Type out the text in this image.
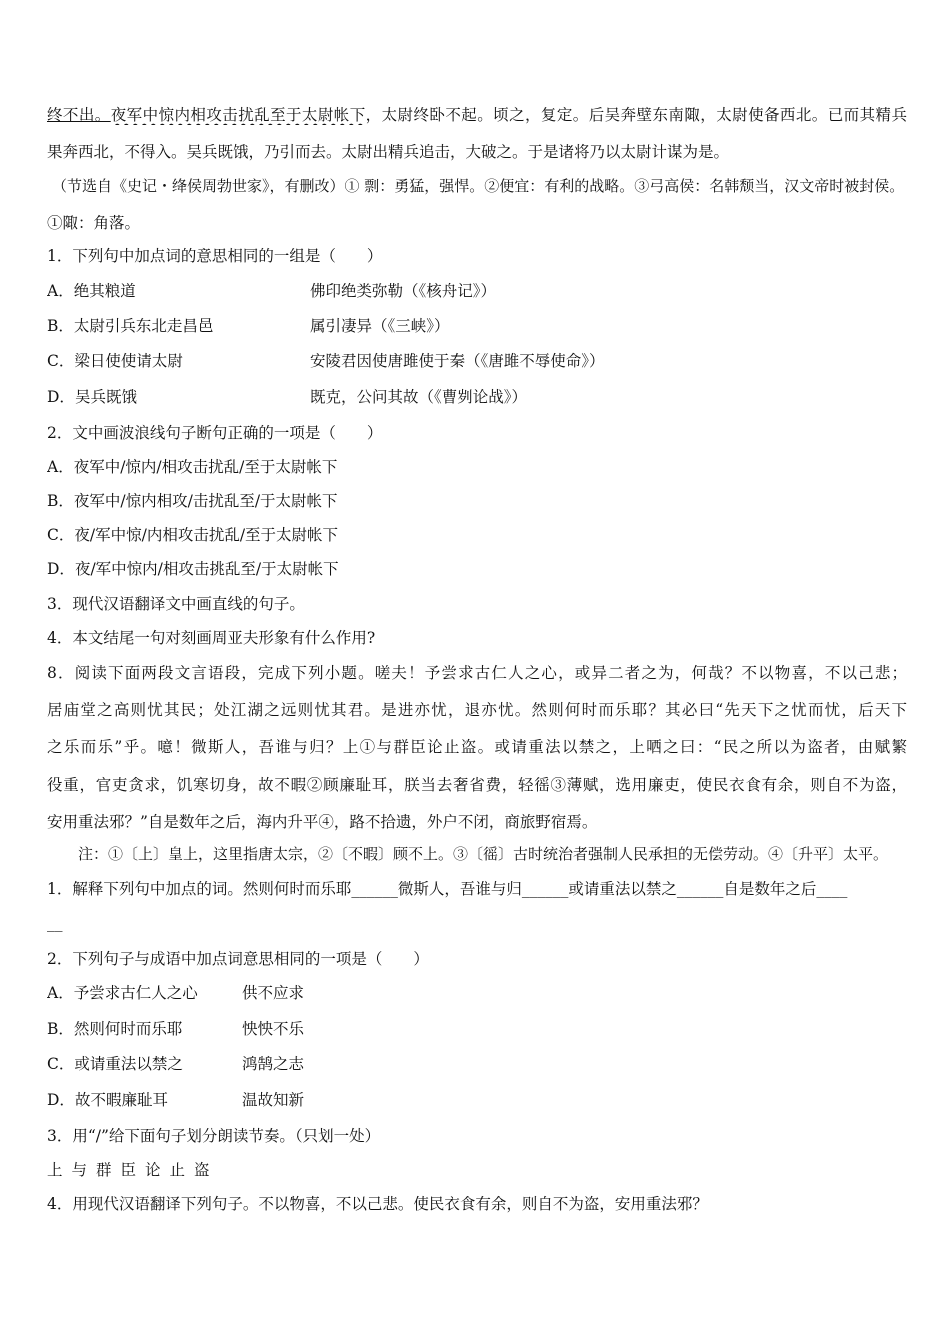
终不出。夜军中惊内相攻击扰乱至于太尉帐下，太尉终卧不起。顷之，复定。后吴奔壁东南陬，太尉使备西北。已而其精兵
果奔西北，不得入。吴兵既饿，乃引而去。太尉出精兵追击，大破之。于是诸将乃以太尉计谋为是。
（节选自《史记・绛侯周勃世家》，有删改）① 剽：勇猛，强悍。②便宜：有利的战略。③弓高侯：名韩颓当，汉文帝时被封侯。
①陬：角落。
1．下列句中加点词的意思相同的一组是（　　）
A．绝其粮道	佛印绝类弥勒（《核舟记》）
B．太尉引兵东北走昌邑	属引凄异（《三峡》）
C．梁日使使请太尉	安陵君因使唐雎使于秦（《唐雎不辱使命》）
D．吴兵既饿	既克，公问其故（《曹刿论战》）
2．文中画波浪线句子断句正确的一项是（　　）
A．夜军中/惊内/相攻击扰乱/至于太尉帐下
B．夜军中/惊内相攻/击扰乱至/于太尉帐下
C．夜/军中惊/内相攻击扰乱/至于太尉帐下
D．夜/军中惊内/相攻击挑乱至/于太尉帐下
3．现代汉语翻译文中画直线的句子。
4．本文结尾一句对刻画周亚夫形象有什么作用?
8．阅读下面两段文言语段，完成下列小题。嗟夫！予尝求古仁人之心，或异二者之为，何哉？不以物喜，不以己悲；
居庙堂之高则忧其民；处江湖之远则忧其君。是进亦忧，退亦忧。然则何时而乐耶？其必曰“先天下之忧而忧，后天下
之乐而乐”乎。噫！微斯人，吾谁与归？上①与群臣论止盗。或请重法以禁之，上哂之曰：“民之所以为盗者，由赋繁
役重，官吏贪求，饥寒切身，故不暇②顾廉耻耳，朕当去奢省费，轻徭③薄赋，选用廉吏，使民衣食有余，则自不为盗，
安用重法邪？”自是数年之后，海内升平④，路不拾遗，外户不闭，商旅野宿焉。
注：①〔上〕皇上，这里指唐太宗，②〔不暇〕顾不上。③〔徭〕古时统治者强制人民承担的无偿劳动。④〔升平〕太平。
1．解释下列句中加点的词。然则何时而乐耶______微斯人，吾谁与归______或请重法以禁之______自是数年之后____
__
2．下列句子与成语中加点词意思相同的一项是（　　）
A．予尝求古仁人之心	供不应求
B．然则何时而乐耶	怏怏不乐
C．或请重法以禁之	鸿鹄之志
D．故不暇廉耻耳	温故知新
3．用“/”给下面句子划分朗读节奏。（只划一处）
上与群臣论止盗
4．用现代汉语翻译下列句子。不以物喜，不以己悲。使民衣食有余，则自不为盗，安用重法邪？
